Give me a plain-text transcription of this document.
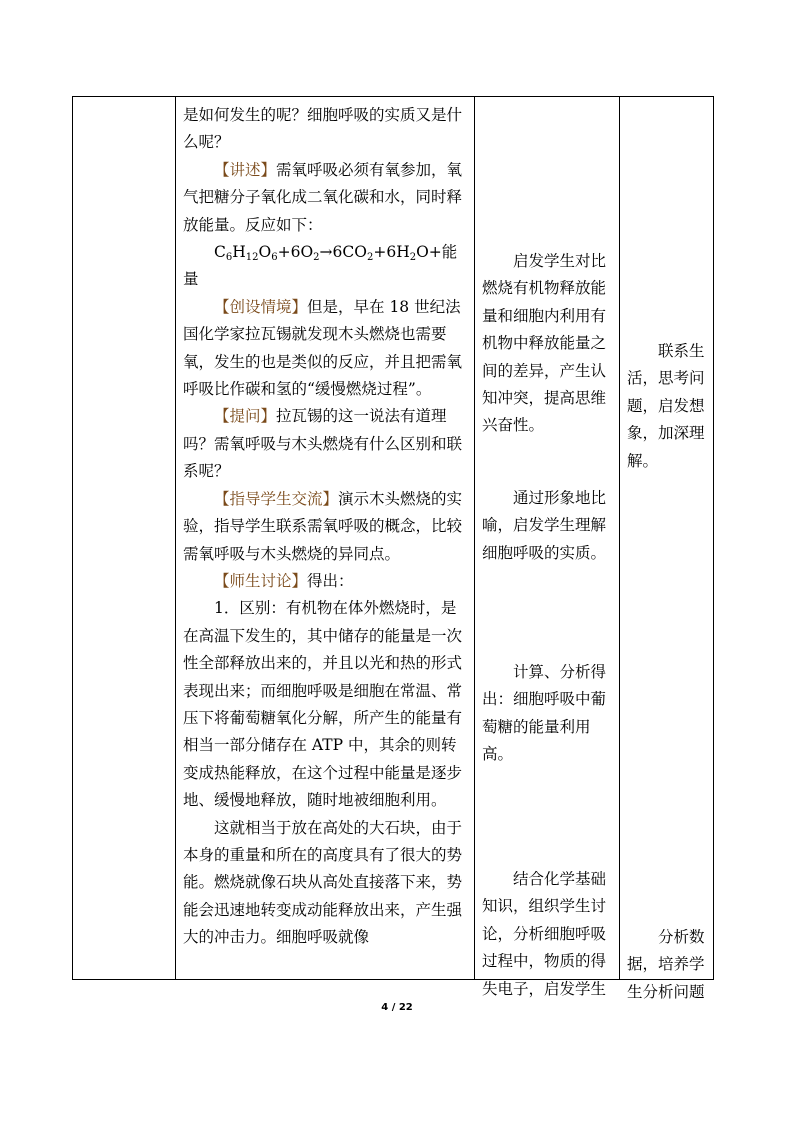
是如何发生的呢？细胞呼吸的实质又是什么呢？

【讲述】需氧呼吸必须有氧参加，氧气把糖分子氧化成二氧化碳和水，同时释放能量。反应如下：

$C_6H_{12}O_6+6O_2\to 6CO_2+6H_2O+$能量

【创设情境】但是，早在 18 世纪法国化学家拉瓦锡就发现木头燃烧也需要氧，发生的也是类似的反应，并且把需氧呼吸比作碳和氢的“缓慢燃烧过程”。

【提问】拉瓦锡的这一说法有道理吗？需氧呼吸与木头燃烧有什么区别和联系呢？

【指导学生交流】演示木头燃烧的实验，指导学生联系需氧呼吸的概念，比较需氧呼吸与木头燃烧的异同点。

【师生讨论】得出：

1．区别：有机物在体外燃烧时，是在高温下发生的，其中储存的能量是一次性全部释放出来的，并且以光和热的形式表现出来；而细胞呼吸是细胞在常温、常压下将葡萄糖氧化分解，所产生的能量有相当一部分储存在 ATP 中，其余的则转变成热能释放，在这个过程中能量是逐步地、缓慢地释放，随时地被细胞利用。

这就相当于放在高处的大石块，由于本身的重量和所在的高度具有了很大的势能。燃烧就像石块从高处直接落下来，势能会迅速地转变成动能释放出来，产生强大的冲击力。细胞呼吸就像

启发学生对比燃烧有机物释放能量和细胞内利用有机物中释放能量之间的差异，产生认知冲突，提高思维兴奋性。

通过形象地比喻，启发学生理解细胞呼吸的实质。

计算、分析得出：细胞呼吸中葡萄糖的能量利用高。

结合化学基础知识，组织学生讨论，分析细胞呼吸过程中，物质的得失电子，启发学生

联系生活，思考问题，启发想象，加深理解。

分析数据，培养学生分析问题

4 / 22
